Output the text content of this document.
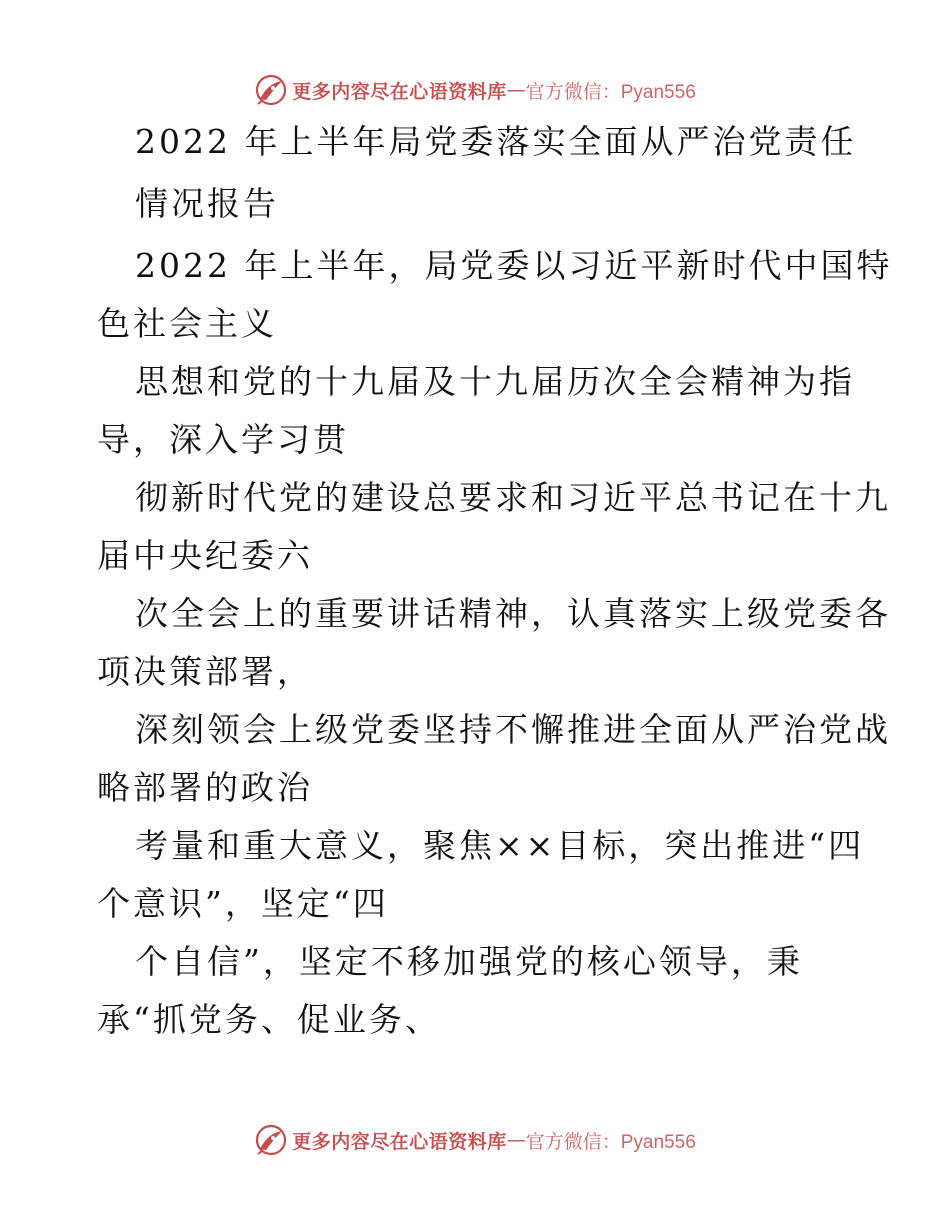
更多内容尽在心语资料库 — 官方微信：Pyan556
2022 年上半年局党委落实全面从严治党责任
情况报告
2022 年上半年，局党委以习近平新时代中国特
色社会主义
思想和党的十九届及十九届历次全会精神为指
导，深入学习贯
彻新时代党的建设总要求和习近平总书记在十九
届中央纪委六
次全会上的重要讲话精神，认真落实上级党委各
项决策部署，
深刻领会上级党委坚持不懈推进全面从严治党战
略部署的政治
考量和重大意义，聚焦××目标，突出推进“四
个意识”，坚定“四
个自信”，坚定不移加强党的核心领导，秉
承“抓党务、促业务、
更多内容尽在心语资料库 — 官方微信：Pyan556
